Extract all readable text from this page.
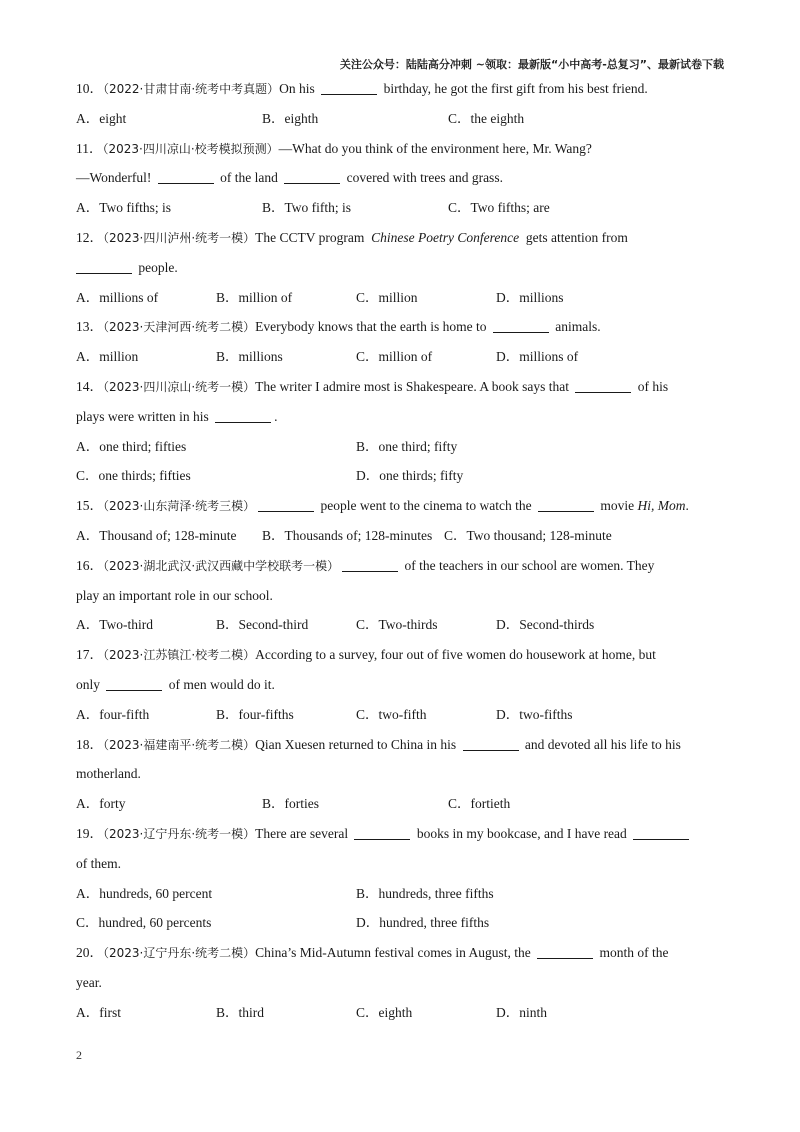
关注公众号：陆陆高分冲刺 ~领取：最新版“小中高考-总复习”、最新试卷下载
10．（2022·甘肃甘南·统考中考真题）On his	birthday, he got the first gift from his best friend.
A．eight	B．eighth	C．the eighth
11．（2023·四川凉山·校考模拟预测）—What do you think of the environment here, Mr. Wang?
—Wonderful!	of the land	covered with trees and grass.
A．Two fifths; is	B．Two fifth; is	C．Two fifths; are
12．（2023·四川泸州·统考一模）The CCTV program Chinese Poetry Conference gets attention from
people.
A．millions of	B．million of	C．million	D．millions
13．（2023·天津河西·统考二模）Everybody knows that the earth is home to	animals.
A．million	B．millions	C．million of	D．millions of
14．（2023·四川凉山·统考一模）The writer I admire most is Shakespeare. A book says that	of his
plays were written in his	.
A．one third; fifties	B．one third; fifty
C．one thirds; fifties	D．one thirds; fifty
15．（2023·山东菏泽·统考三模）	people went to the cinema to watch the	movie Hi, Mom.
A．Thousand of; 128-minute B．Thousands of; 128-minutes C．Two thousand; 128-minute
16．（2023·湖北武汉·武汉西藏中学校联考一模）	of the teachers in our school are women. They
play an important role in our school.
A．Two-third	B．Second-third	C．Two-thirds	D．Second-thirds
17．（2023·江苏镇江·校考二模）According to a survey, four out of five women do housework at home, but
only	of men would do it.
A．four-fifth	B．four-fifths	C．two-fifth	D．two-fifths
18．（2023·福建南平·统考二模）Qian Xuesen returned to China in his	and devoted all his life to his
motherland.
A．forty	B．forties	C．fortieth
19．（2023·辽宁丹东·统考一模）There are several	books in my bookcase, and I have read
of them.
A．hundreds, 60 percent	B．hundreds, three fifths
C．hundred, 60 percents	D．hundred, three fifths
20．（2023·辽宁丹东·统考二模）China’s Mid-Autumn festival comes in August, the	month of the
year.
A．first	B．third	C．eighth	D．ninth
2
